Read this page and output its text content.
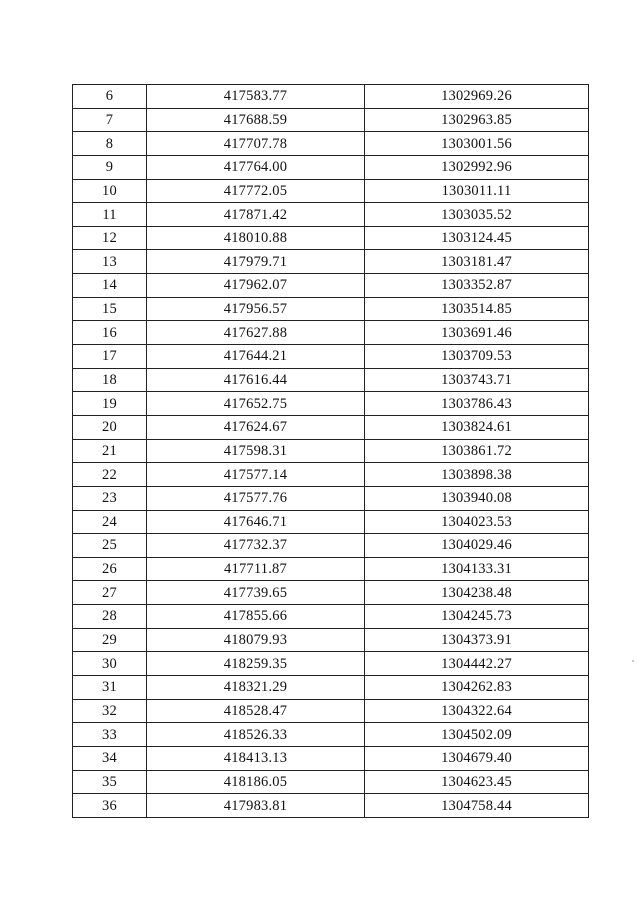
6	417583.77	1302969.26
7	417688.59	1302963.85
8	417707.78	1303001.56
9	417764.00	1302992.96
10	417772.05	1303011.11
11	417871.42	1303035.52
12	418010.88	1303124.45
13	417979.71	1303181.47
14	417962.07	1303352.87
15	417956.57	1303514.85
16	417627.88	1303691.46
17	417644.21	1303709.53
18	417616.44	1303743.71
19	417652.75	1303786.43
20	417624.67	1303824.61
21	417598.31	1303861.72
22	417577.14	1303898.38
23	417577.76	1303940.08
24	417646.71	1304023.53
25	417732.37	1304029.46
26	417711.87	1304133.31
27	417739.65	1304238.48
28	417855.66	1304245.73
29	418079.93	1304373.91
30	418259.35	1304442.27
31	418321.29	1304262.83
32	418528.47	1304322.64
33	418526.33	1304502.09
34	418413.13	1304679.40
35	418186.05	1304623.45
36	417983.81	1304758.44
